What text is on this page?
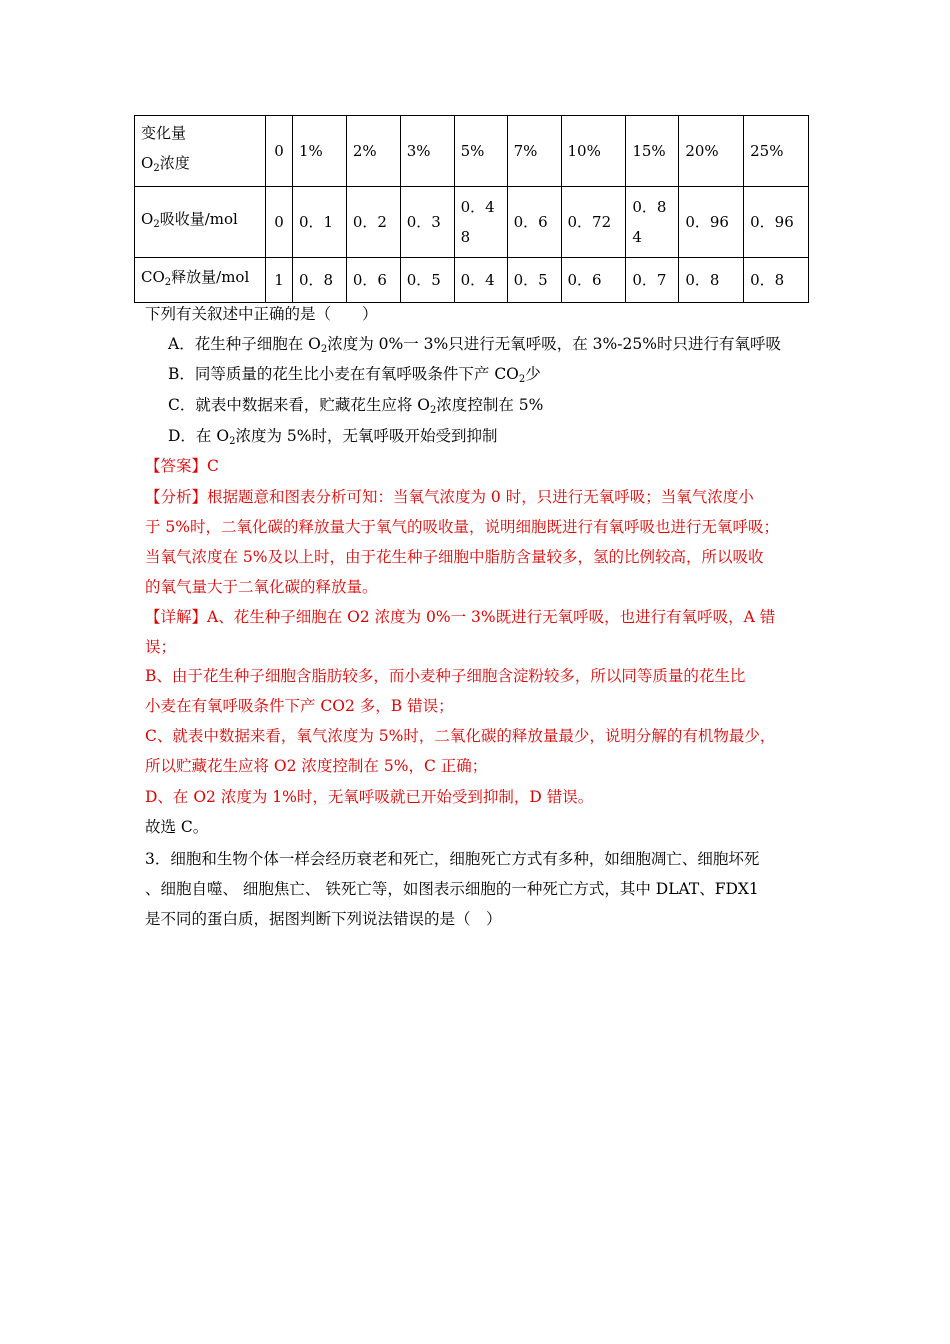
变化量
$O_2$浓度	0	1%	2%	3%	5%	7%	10%	15%	20%	25%
$O_2$吸收量/mol	0	0．1	0．2	0．3	0．48	0．6	0．72	0．84	0．96	0．96
$CO_2$释放量/mol	1	0．8	0．6	0．5	0．4	0．5	0．6	0．7	0．8	0．8
下列有关叙述中正确的是（　　）
A．花生种子细胞在 $O_2$浓度为 0%一 3%只进行无氧呼吸，在 3%-25%时只进行有氧呼吸
B．同等质量的花生比小麦在有氧呼吸条件下产 $CO_2$少
C．就表中数据来看，贮藏花生应将 $O_2$浓度控制在 5%
D．在 $O_2$浓度为 5%时，无氧呼吸开始受到抑制
【答案】C
【分析】根据题意和图表分析可知：当氧气浓度为 0 时，只进行无氧呼吸；当氧气浓度小
于 5%时，二氧化碳的释放量大于氧气的吸收量，说明细胞既进行有氧呼吸也进行无氧呼吸；
当氧气浓度在 5%及以上时，由于花生种子细胞中脂肪含量较多，氢的比例较高，所以吸收
的氧气量大于二氧化碳的释放量。
【详解】A、花生种子细胞在 O2 浓度为 0%一 3%既进行无氧呼吸，也进行有氧呼吸，A 错
误；
B、由于花生种子细胞含脂肪较多，而小麦种子细胞含淀粉较多，所以同等质量的花生比
小麦在有氧呼吸条件下产 CO2 多，B 错误；
C、就表中数据来看，氧气浓度为 5%时，二氧化碳的释放量最少，说明分解的有机物最少，
所以贮藏花生应将 O2 浓度控制在 5%，C 正确；
D、在 O2 浓度为 1%时，无氧呼吸就已开始受到抑制，D 错误。
故选 C。
3．细胞和生物个体一样会经历衰老和死亡，细胞死亡方式有多种，如细胞凋亡、细胞坏死
、细胞自噬、 细胞焦亡、 铁死亡等，如图表示细胞的一种死亡方式，其中 DLAT、FDX1
是不同的蛋白质，据图判断下列说法错误的是（　）
